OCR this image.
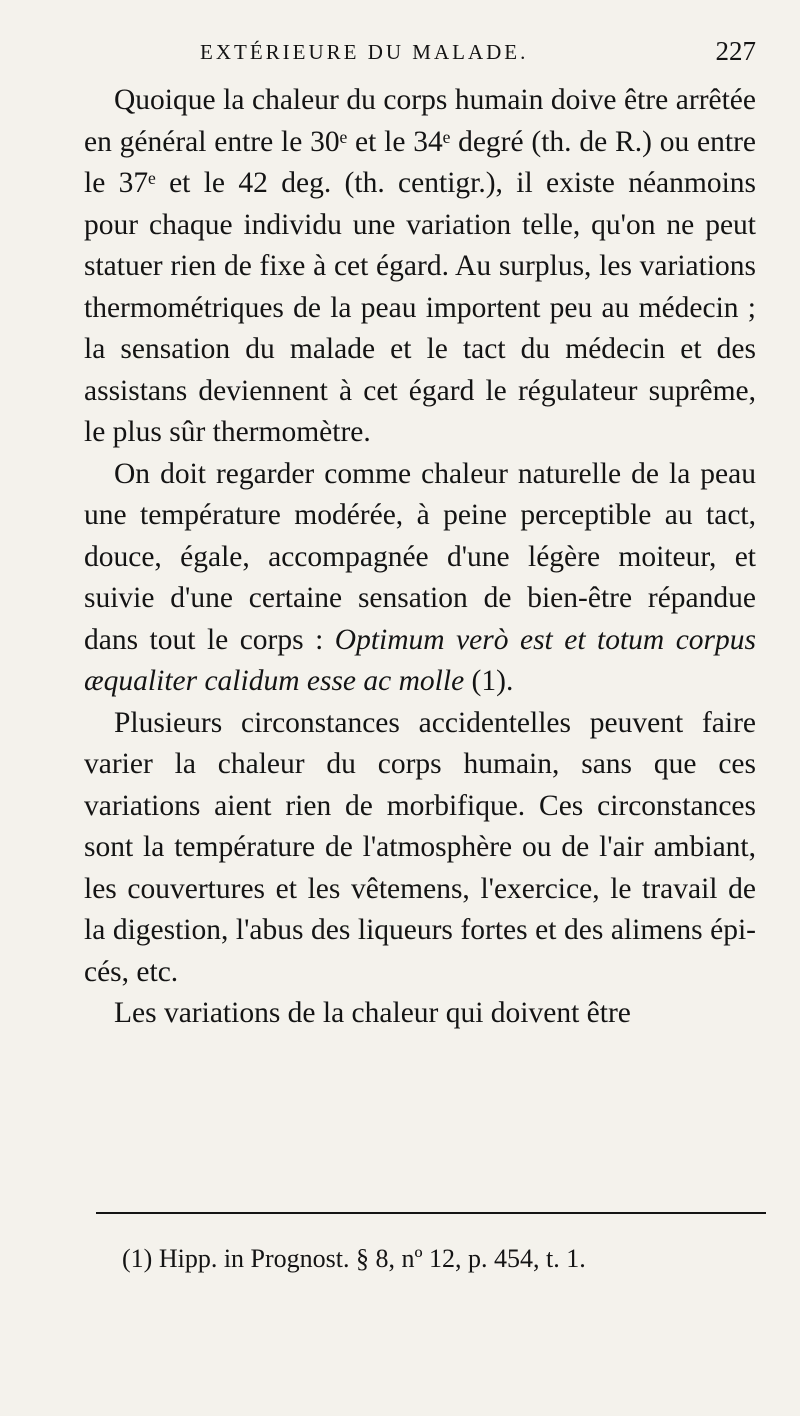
EXTÉRIEURE DU MALADE.	227

Quoique la chaleur du corps humain doive être arrêtée en général entre le 30ᵉ et le 34ᵉ degré (th. de R.) ou entre le 37ᵉ et le 42 deg. (th. centigr.), il existe néanmoins pour chaque individu une variation telle, qu'on ne peut statuer rien de fixe à cet égard. Au surplus, les variations thermométriques de la peau importent peu au médecin ; la sensation du malade et le tact du médecin et des assistans deviennent à cet égard le régulateur suprême, le plus sûr thermomètre.

On doit regarder comme chaleur naturelle de la peau une température modérée, à peine perceptible au tact, douce, égale, accompagnée d'une légère moiteur, et suivie d'une certaine sensation de bien-être répandue dans tout le corps : Optimum verò est et totum corpus æqualiter calidum esse ac molle (1).

Plusieurs circonstances accidentelles peuvent faire varier la chaleur du corps humain, sans que ces variations aient rien de morbifique. Ces circonstances sont la température de l'atmosphère ou de l'air ambiant, les couvertures et les vêtemens, l'exercice, le travail de la digestion, l'abus des liqueurs fortes et des alimens épicés, etc.

Les variations de la chaleur qui doivent être

(1) Hipp. in Prognost. § 8, nº 12, p. 454, t. 1.
